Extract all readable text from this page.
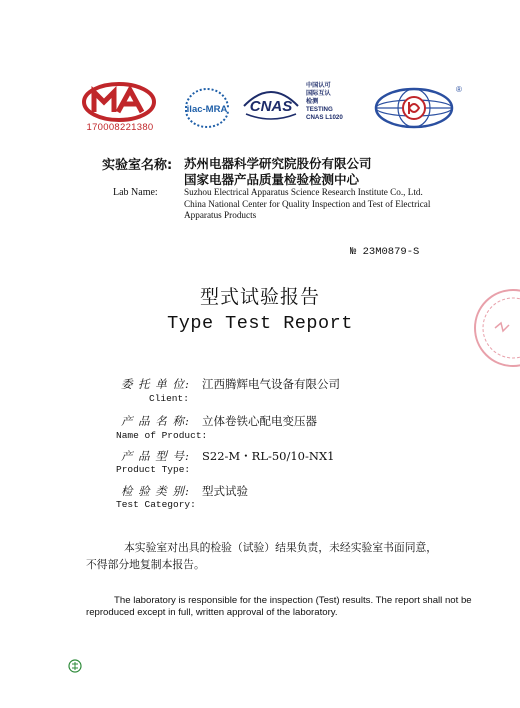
170008221380
ilac-MRA CNAS
中国认可
国际互认
检测
TESTING
CNAS L1020
®
实验室名称: 苏州电器科学研究院股份有限公司
国家电器产品质量检验检测中心
Lab Name:	Suzhou Electrical Apparatus Science Research Institute Co., Ltd.
China National Center for Quality Inspection and Test of Electrical
Apparatus Products
№ 23M0879-S
型式试验报告
Type Test Report
委 托 单 位: 江西腾辉电气设备有限公司
Client:
产 品 名 称: 立体卷铁心配电变压器
Name of Product:
产 品 型 号: S22-M・RL-50/10-NX1
Product Type:
检 验 类 别: 型式试验
Test Category:
本实验室对出具的检验（试验）结果负责，未经实验室书面同意，
不得部分地复制本报告。
The laboratory is responsible for the inspection (Test) results. The report shall not be reproduced except in full, written approval of the laboratory.
